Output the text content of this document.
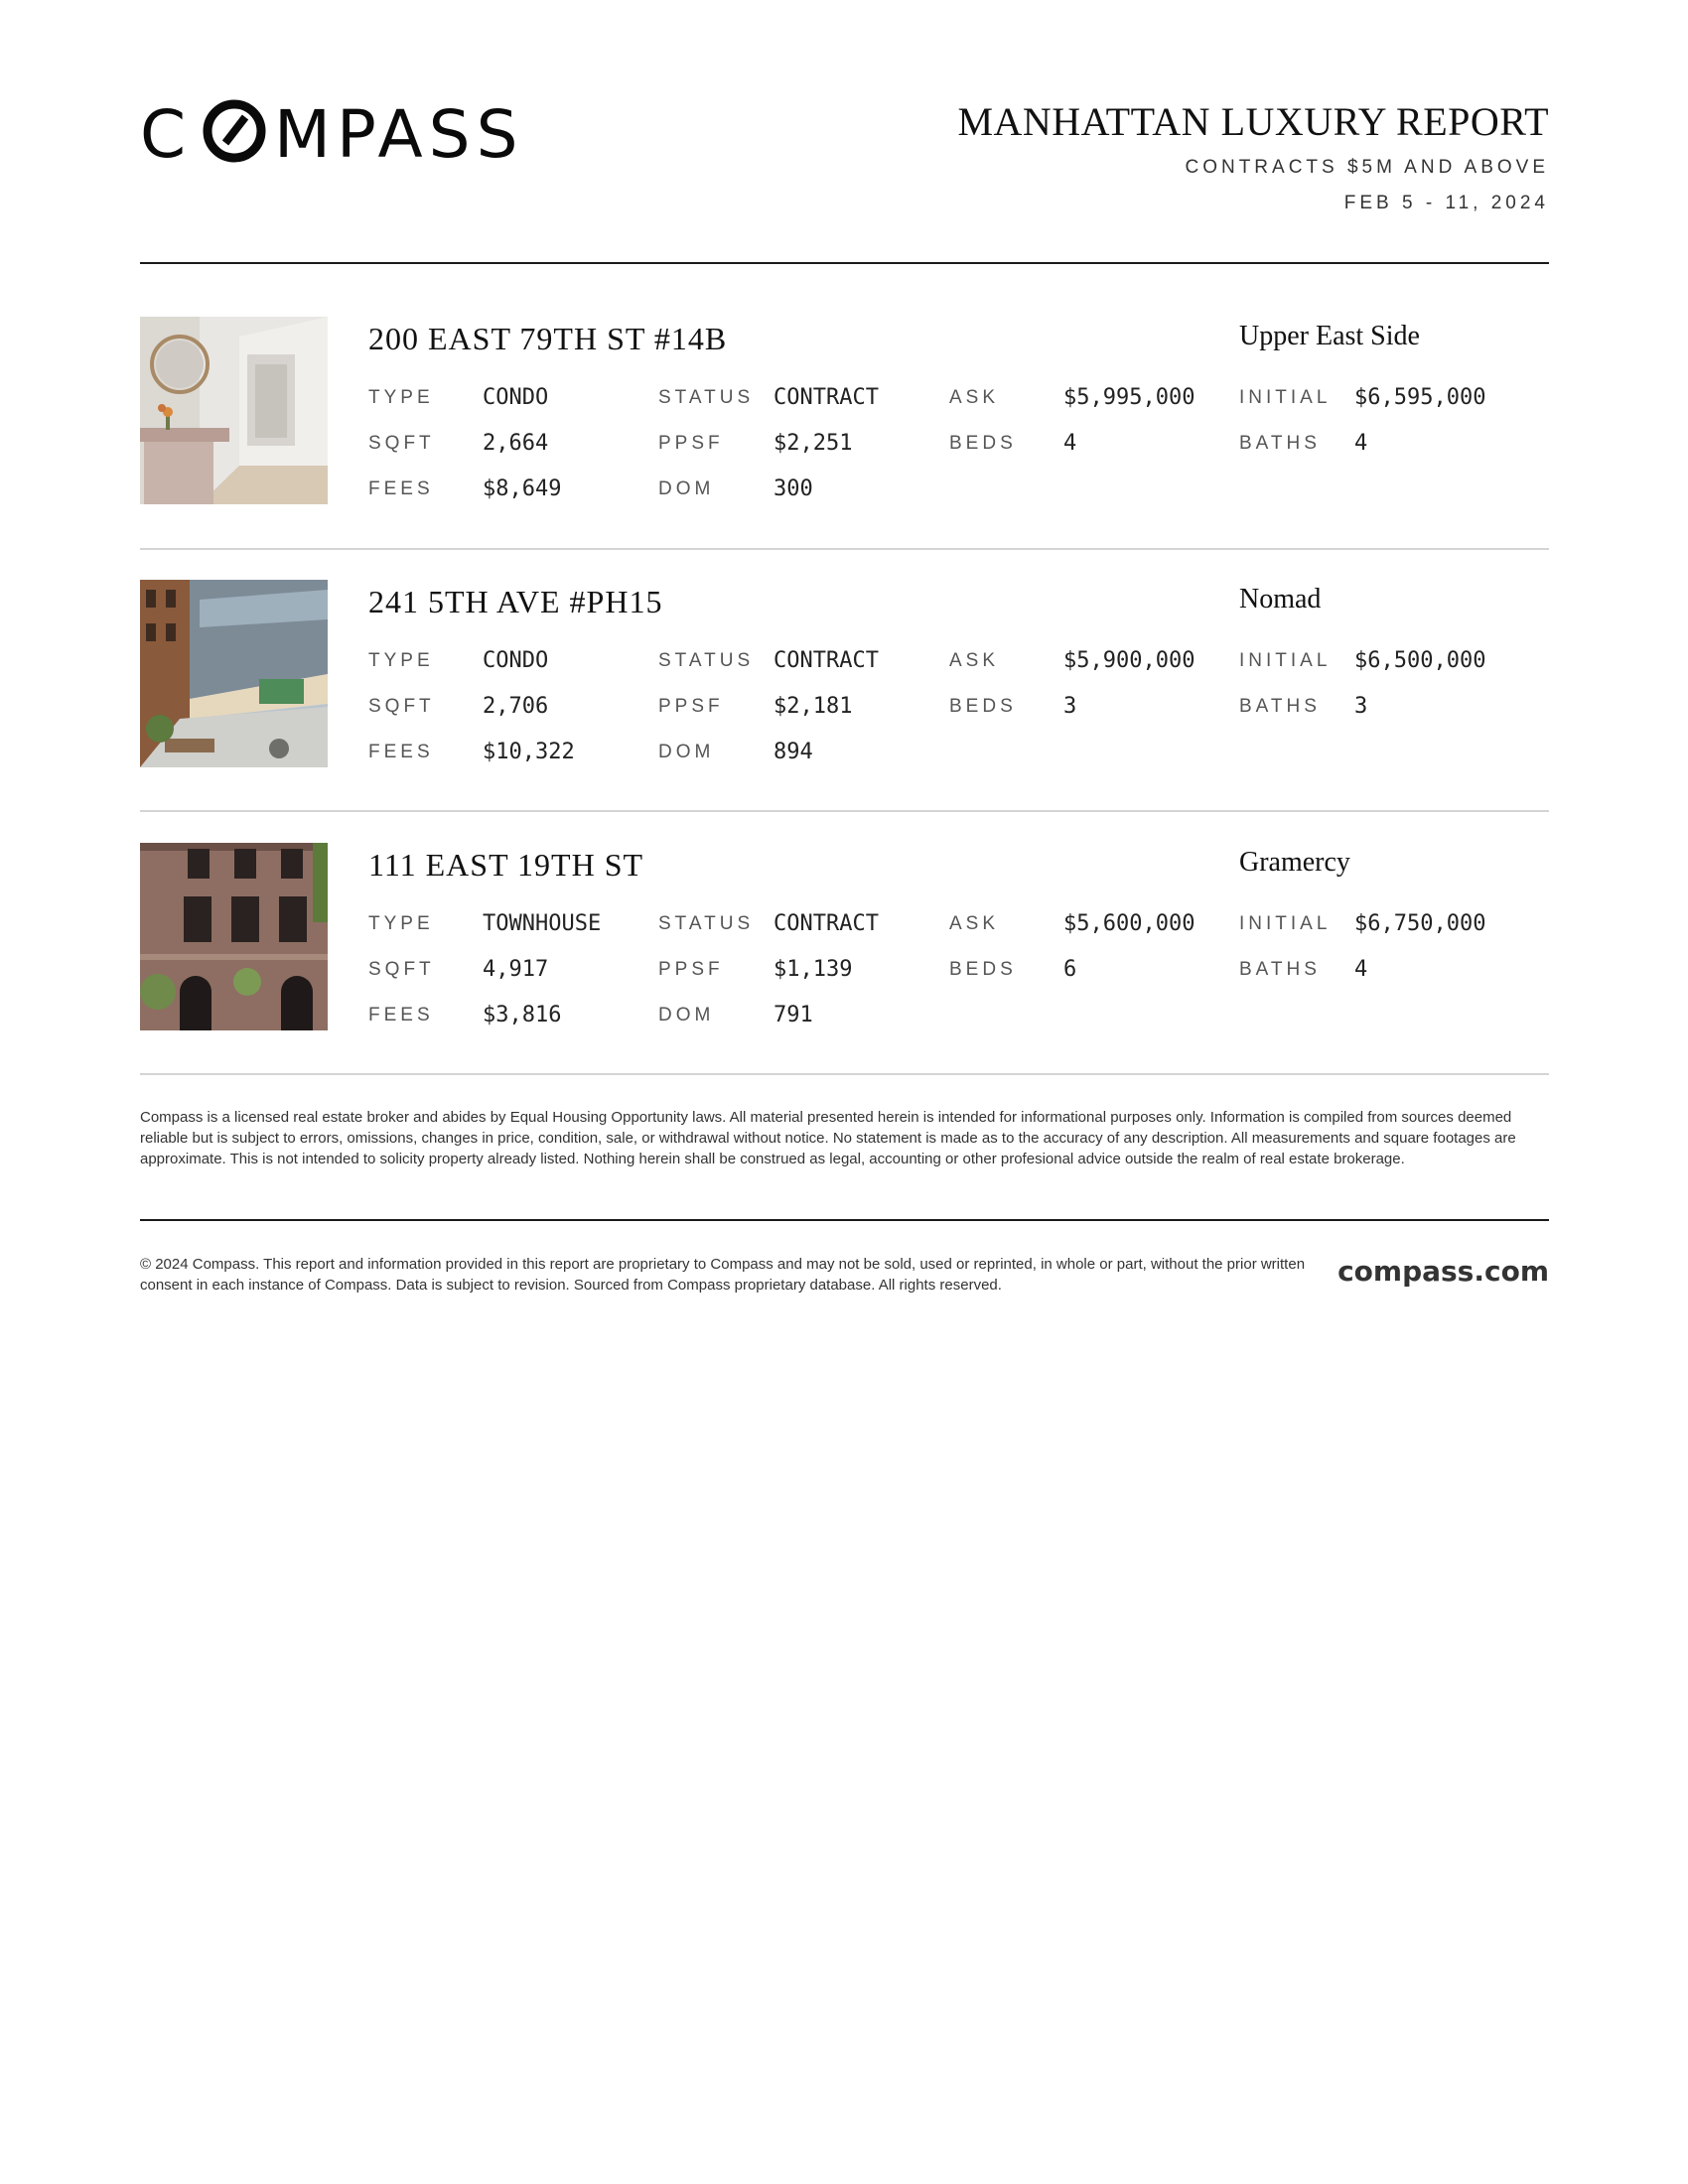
C MPASS	MANHATTAN LUXURY REPORT
CONTRACTS $5M AND ABOVE
FEB 5 - 11, 2024
200 EAST 79TH ST #14B	Upper East Side
TYPE CONDO	STATUS CONTRACT	ASK	$5,995,000 INITIAL $6,595,000
SQFT 2,664	PPSF $2,251	BEDS 4	BATHS 4
FEES $8,649	DOM	300
241 5TH AVE #PH15	Nomad
TYPE CONDO	STATUS CONTRACT	ASK	$5,900,000 INITIAL $6,500,000
SQFT 2,706	PPSF $2,181	BEDS 3	BATHS 3
FEES $10,322	DOM	894
111 EAST 19TH ST	Gramercy
TYPE TOWNHOUSE	STATUS CONTRACT	ASK	$5,600,000 INITIAL $6,750,000
SQFT 4,917	PPSF $1,139	BEDS 6	BATHS 4
FEES $3,816	DOM	791
Compass is a licensed real estate broker and abides by Equal Housing Opportunity laws. All material presented herein is intended for informational purposes only. Information is compiled from sources deemed reliable but is subject to errors, omissions, changes in price, condition, sale, or withdrawal without notice. No statement is made as to the accuracy of any description. All measurements and square footages are approximate. This is not intended to solicity property already listed. Nothing herein shall be construed as legal, accounting or other profesional advice outside the realm of real estate brokerage.
© 2024 Compass. This report and information provided in this report are proprietary to Compass and may not be sold, used or reprinted, in whole or part, without the prior written consent in each instance of Compass. Data is subject to revision. Sourced from Compass proprietary database. All rights reserved.	compass.com
